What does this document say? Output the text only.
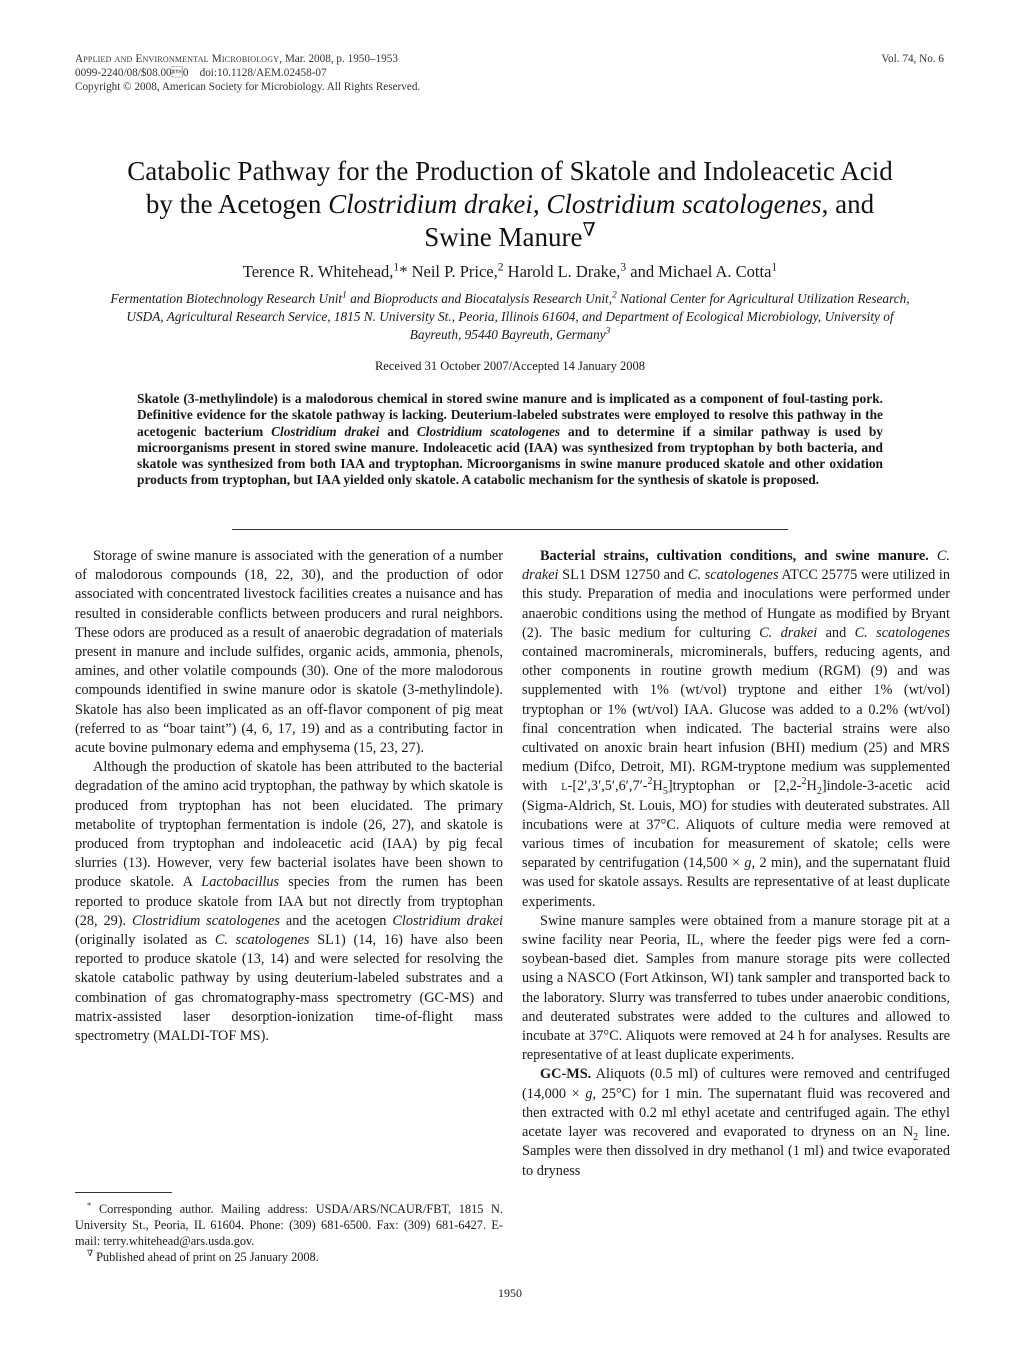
Applied and Environmental Microbiology, Mar. 2008, p. 1950–1953
0099-2240/08/$08.000    doi:10.1128/AEM.02458-07
Copyright © 2008, American Society for Microbiology. All Rights Reserved.
Vol. 74, No. 6
Catabolic Pathway for the Production of Skatole and Indoleacetic Acid
by the Acetogen Clostridium drakei, Clostridium scatologenes, and
Swine Manure∇
Terence R. Whitehead,$^1$* Neil P. Price,$^2$ Harold L. Drake,$^3$ and Michael A. Cotta$^1$
Fermentation Biotechnology Research Unit$^1$ and Bioproducts and Biocatalysis Research Unit,$^2$ National Center for Agricultural Utilization Research, USDA, Agricultural Research Service, 1815 N. University St., Peoria, Illinois 61604, and Department of Ecological Microbiology, University of Bayreuth, 95440 Bayreuth, Germany$^3$
Received 31 October 2007/Accepted 14 January 2008
Skatole (3-methylindole) is a malodorous chemical in stored swine manure and is implicated as a component of foul-tasting pork. Definitive evidence for the skatole pathway is lacking. Deuterium-labeled substrates were employed to resolve this pathway in the acetogenic bacterium Clostridium drakei and Clostridium scatologenes and to determine if a similar pathway is used by microorganisms present in stored swine manure. Indoleacetic acid (IAA) was synthesized from tryptophan by both bacteria, and skatole was synthesized from both IAA and tryptophan. Microorganisms in swine manure produced skatole and other oxidation products from tryptophan, but IAA yielded only skatole. A catabolic mechanism for the synthesis of skatole is proposed.

Storage of swine manure is associated with the generation of a number of malodorous compounds (18, 22, 30), and the production of odor associated with concentrated livestock facilities creates a nuisance and has resulted in considerable conflicts between producers and rural neighbors. These odors are produced as a result of anaerobic degradation of materials present in manure and include sulfides, organic acids, ammonia, phenols, amines, and other volatile compounds (30). One of the more malodorous compounds identified in swine manure odor is skatole (3-methylindole). Skatole has also been implicated as an off-flavor component of pig meat (referred to as “boar taint”) (4, 6, 17, 19) and as a contributing factor in acute bovine pulmonary edema and emphysema (15, 23, 27).

Although the production of skatole has been attributed to the bacterial degradation of the amino acid tryptophan, the pathway by which skatole is produced from tryptophan has not been elucidated. The primary metabolite of tryptophan fermentation is indole (26, 27), and skatole is produced from tryptophan and indoleacetic acid (IAA) by pig fecal slurries (13). However, very few bacterial isolates have been shown to produce skatole. A Lactobacillus species from the rumen has been reported to produce skatole from IAA but not directly from tryptophan (28, 29). Clostridium scatologenes and the acetogen Clostridium drakei (originally isolated as C. scatologenes SL1) (14, 16) have also been reported to produce skatole (13, 14) and were selected for resolving the skatole catabolic pathway by using deuterium-labeled substrates and a combination of gas chromatography-mass spectrometry (GC-MS) and matrix-assisted laser desorption-ionization time-of-flight mass spectrometry (MALDI-TOF MS).

* Corresponding author. Mailing address: USDA/ARS/NCAUR/FBT, 1815 N. University St., Peoria, IL 61604. Phone: (309) 681-6500. Fax: (309) 681-6427. E-mail: terry.whitehead@ars.usda.gov.

∇ Published ahead of print on 25 January 2008.

Bacterial strains, cultivation conditions, and swine manure. C. drakei SL1 DSM 12750 and C. scatologenes ATCC 25775 were utilized in this study. Preparation of media and inoculations were performed under anaerobic conditions using the method of Hungate as modified by Bryant (2). The basic medium for culturing C. drakei and C. scatologenes contained macrominerals, microminerals, buffers, reducing agents, and other components in routine growth medium (RGM) (9) and was supplemented with 1% (wt/vol) tryptone and either 1% (wt/vol) tryptophan or 1% (wt/vol) IAA. Glucose was added to a 0.2% (wt/vol) final concentration when indicated. The bacterial strains were also cultivated on anoxic brain heart infusion (BHI) medium (25) and MRS medium (Difco, Detroit, MI). RGM-tryptone medium was supplemented with $l-[2',3',5',6',7'-^2H_5]tryptophan$ or $[2,2-^2H_2]indole-3$-acetic acid (Sigma-Aldrich, St. Louis, MO) for studies with deuterated substrates. All incubations were at 37°C. Aliquots of culture media were removed at various times of incubation for measurement of skatole; cells were separated by centrifugation (14,500 × g, 2 min), and the supernatant fluid was used for skatole assays. Results are representative of at least duplicate experiments.

Swine manure samples were obtained from a manure storage pit at a swine facility near Peoria, IL, where the feeder pigs were fed a corn-soybean-based diet. Samples from manure storage pits were collected using a NASCO (Fort Atkinson, WI) tank sampler and transported back to the laboratory. Slurry was transferred to tubes under anaerobic conditions, and deuterated substrates were added to the cultures and allowed to incubate at 37°C. Aliquots were removed at 24 h for analyses. Results are representative of at least duplicate experiments.

GC-MS. Aliquots (0.5 ml) of cultures were removed and centrifuged (14,000 × g, 25°C) for 1 min. The supernatant fluid was recovered and then extracted with 0.2 ml ethyl acetate and centrifuged again. The ethyl acetate layer was recovered and evaporated to dryness on an $N_2$ line. Samples were then dissolved in dry methanol (1 ml) and twice evaporated to dryness

1950
